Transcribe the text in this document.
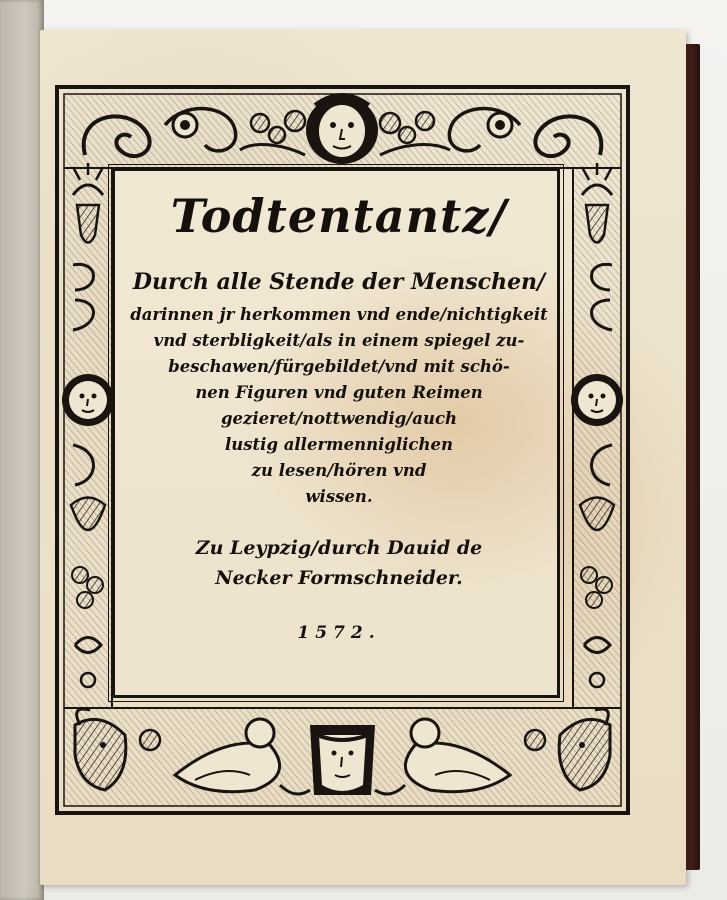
Todtentantz/
Durch alle Stende der Menschen/
darinnen jr herkommen vnd ende/nichtigkeit
vnd sterbligkeit/als in einem spiegel zu-
beschawen/fürgebildet/vnd mit schö-
nen Figuren vnd guten Reimen
gezieret/nottwendig/auch
lustig allermenniglichen
zu lesen/hören vnd
wissen.
Zu Leypzig/durch Dauid de
Necker Formschneider.
1572.
